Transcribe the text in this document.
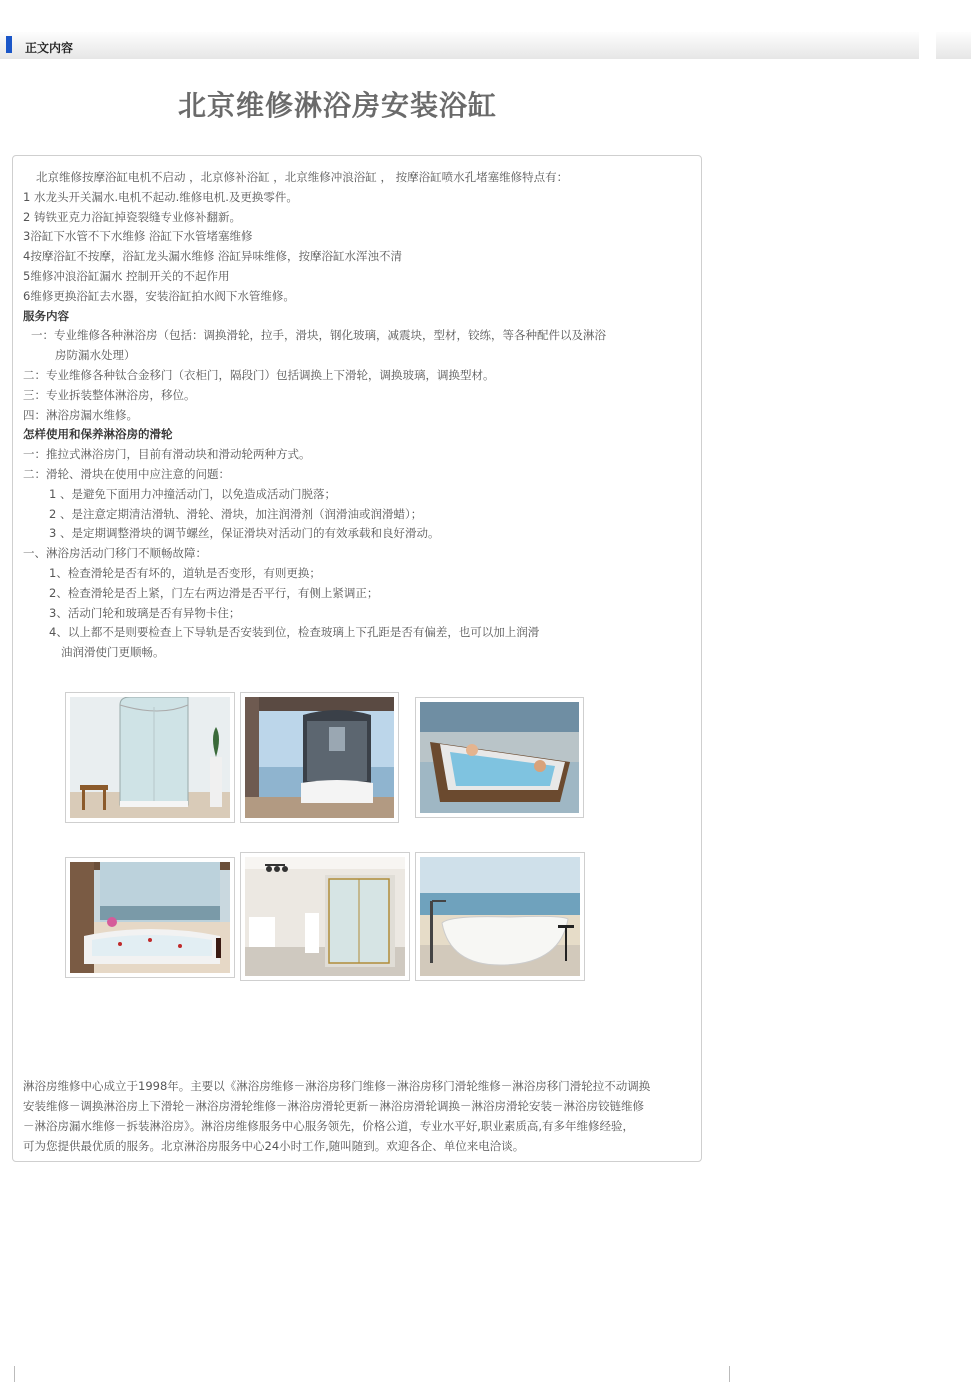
正文内容
北京维修淋浴房安装浴缸
北京维修按摩浴缸电机不启动 ，北京修补浴缸 ，北京维修冲浪浴缸 ， 按摩浴缸喷水孔堵塞维修特点有：
1 水龙头开关漏水.电机不起动.维修电机.及更换零件。
2 铸铁亚克力浴缸掉瓷裂缝专业修补翻新。
3浴缸下水管不下水维修 浴缸下水管堵塞维修
4按摩浴缸不按摩，浴缸龙头漏水维修 浴缸异味维修，按摩浴缸水浑浊不清
5维修冲浪浴缸漏水 控制开关的不起作用
6维修更换浴缸去水器，安装浴缸拍水阀下水管维修。
服务内容
一：专业维修各种淋浴房（包括：调换滑轮，拉手，滑块，钢化玻璃，减震块，型材，铰练，等各种配件以及淋浴
房防漏水处理）
二：专业维修各种钛合金移门（衣柜门，隔段门）包括调换上下滑轮，调换玻璃，调换型材。
三：专业拆装整体淋浴房，移位。
四：淋浴房漏水维修。
怎样使用和保养淋浴房的滑轮
一：推拉式淋浴房门，目前有滑动块和滑动轮两种方式。
二：滑轮、滑块在使用中应注意的问题：
1 、是避免下面用力冲撞活动门，以免造成活动门脱落；
2 、是注意定期清洁滑轨、滑轮、滑块，加注润滑剂（润滑油或润滑蜡）；
3 、是定期调整滑块的调节螺丝，保证滑块对活动门的有效承载和良好滑动。
一、淋浴房活动门移门不顺畅故障：
1、检查滑轮是否有坏的，道轨是否变形，有则更换；
2、检查滑轮是否上紧，门左右两边滑是否平行，有侧上紧调正；
3、活动门轮和玻璃是否有异物卡住；
4、以上都不是则要检查上下导轨是否安装到位，检查玻璃上下孔距是否有偏差，也可以加上润滑
油润滑使门更顺畅。
淋浴房维修中心成立于1998年。主要以《淋浴房维修－淋浴房移门维修－淋浴房移门滑轮维修－淋浴房移门滑轮拉不动调换
安装维修－调换淋浴房上下滑轮－淋浴房滑轮维修－淋浴房滑轮更新－淋浴房滑轮调换－淋浴房滑轮安装－淋浴房铰链维修
－淋浴房漏水维修－拆装淋浴房》。淋浴房维修服务中心服务领先，价格公道，专业水平好,职业素质高,有多年维修经验，
可为您提供最优质的服务。北京淋浴房服务中心24小时工作,随叫随到。欢迎各企、单位来电洽谈。
